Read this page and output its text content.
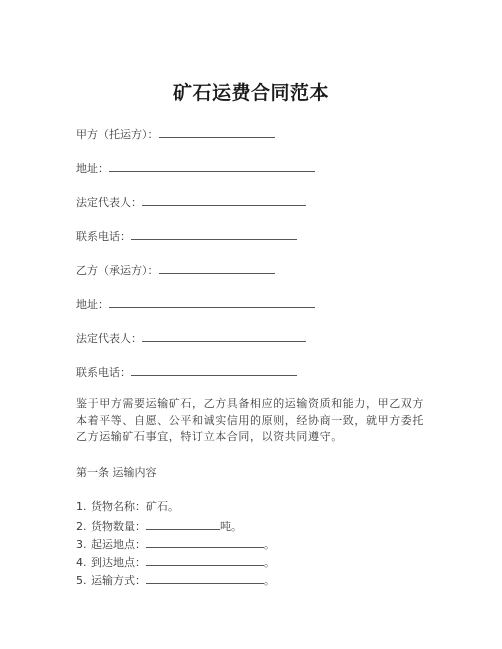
矿石运费合同范本
甲方（托运方）：
地址：
法定代表人：
联系电话：
乙方（承运方）：
地址：
法定代表人：
联系电话：
鉴于甲方需要运输矿石，乙方具备相应的运输资质和能力，甲乙双方本着平等、自愿、公平和诚实信用的原则，经协商一致，就甲方委托乙方运输矿石事宜，特订立本合同，以资共同遵守。
第一条 运输内容
1. 货物名称：矿石。
2. 货物数量：	吨。
3. 起运地点：	。
4. 到达地点：	。
5. 运输方式：	。
